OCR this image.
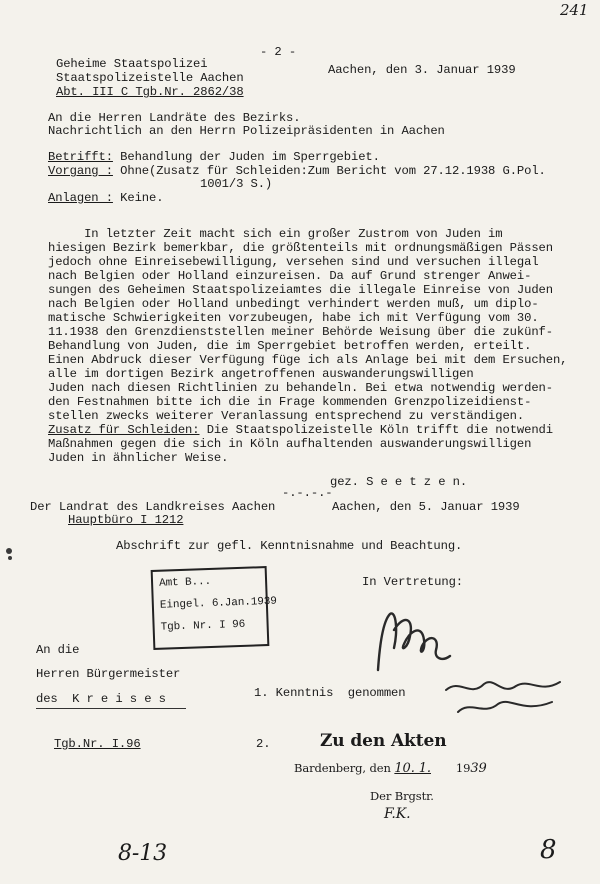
241
- 2 -
Geheime Staatspolizei
Staatspolizeistelle Aachen
Abt. III C Tgb.Nr. 2862/38
Aachen, den 3. Januar 1939
An die Herren Landräte des Bezirks.
Nachrichtlich an den Herrn Polizeipräsidenten in Aachen
Betrifft: Behandlung der Juden im Sperrgebiet.
Vorgang : Ohne(Zusatz für Schleiden:Zum Bericht vom 27.12.1938 G.Pol.
1001/3 S.)
Anlagen : Keine.
In letzter Zeit macht sich ein großer Zustrom von Juden im
hiesigen Bezirk bemerkbar, die größtenteils mit ordnungsmäßigen Pässen
jedoch ohne Einreisebewilligung, versehen sind und versuchen illegal
nach Belgien oder Holland einzureisen. Da auf Grund strenger Anwei-
sungen des Geheimen Staatspolizeiamtes die illegale Einreise von Juden
nach Belgien oder Holland unbedingt verhindert werden muß, um diplo-
matische Schwierigkeiten vorzubeugen, habe ich mit Verfügung vom 30.
11.1938 den Grenzdienststellen meiner Behörde Weisung über die zukünf-
Behandlung von Juden, die im Sperrgebiet betroffen werden, erteilt.
Einen Abdruck dieser Verfügung füge ich als Anlage bei mit dem Ersuchen,
alle im dortigen Bezirk angetroffenen auswanderungswilligen
Juden nach diesen Richtlinien zu behandeln. Bei etwa notwendig werden-
den Festnahmen bitte ich die in Frage kommenden Grenzpolizeidienst-
stellen zwecks weiterer Veranlassung entsprechend zu verständigen.
Zusatz für Schleiden: Die Staatspolizeistelle Köln trifft die notwendi
Maßnahmen gegen die sich in Köln aufhaltenden auswanderungswilligen
Juden in ähnlicher Weise.
gez. S e e t z e n.
-.-.-.-
Der Landrat des Landkreises Aachen	Aachen, den 5. Januar 1939
Hauptbüro I 1212
Abschrift zur gefl. Kenntnisnahme und Beachtung.
Amt B...
Eingel. 6.Jan.1939
Tgb. Nr. I 96
In Vertretung:
An die
Herren Bürgermeister
des  K r e i s e s	1. Kenntnis  genommen
Tgb.Nr. I.96	2.	Zu den Akten
Bardenberg, den 10. 1. 1939
Der Brgstr.
F.K.
8-13	8
